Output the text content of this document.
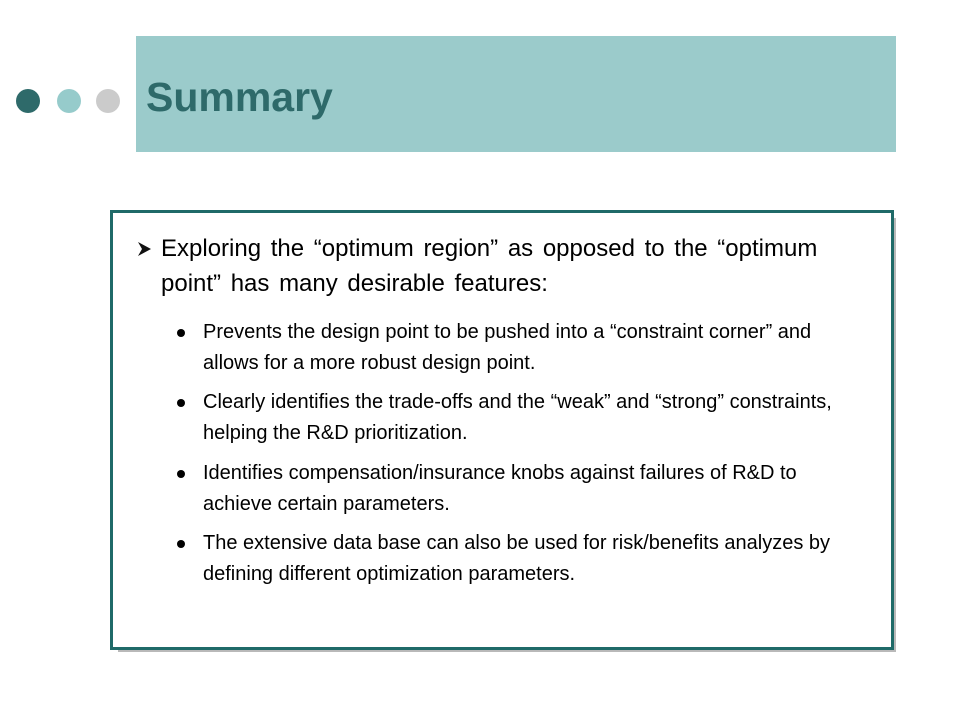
Summary

Exploring the “optimum region” as opposed to the “optimum point” has many desirable features:

Prevents the design point to be pushed into a “constraint corner” and allows for a more robust design point.

Clearly identifies the trade-offs and the “weak” and “strong” constraints, helping the R&D prioritization.

Identifies compensation/insurance knobs against failures of R&D to achieve certain parameters.

The extensive data base can also be used for risk/benefits analyzes by defining different optimization parameters.
